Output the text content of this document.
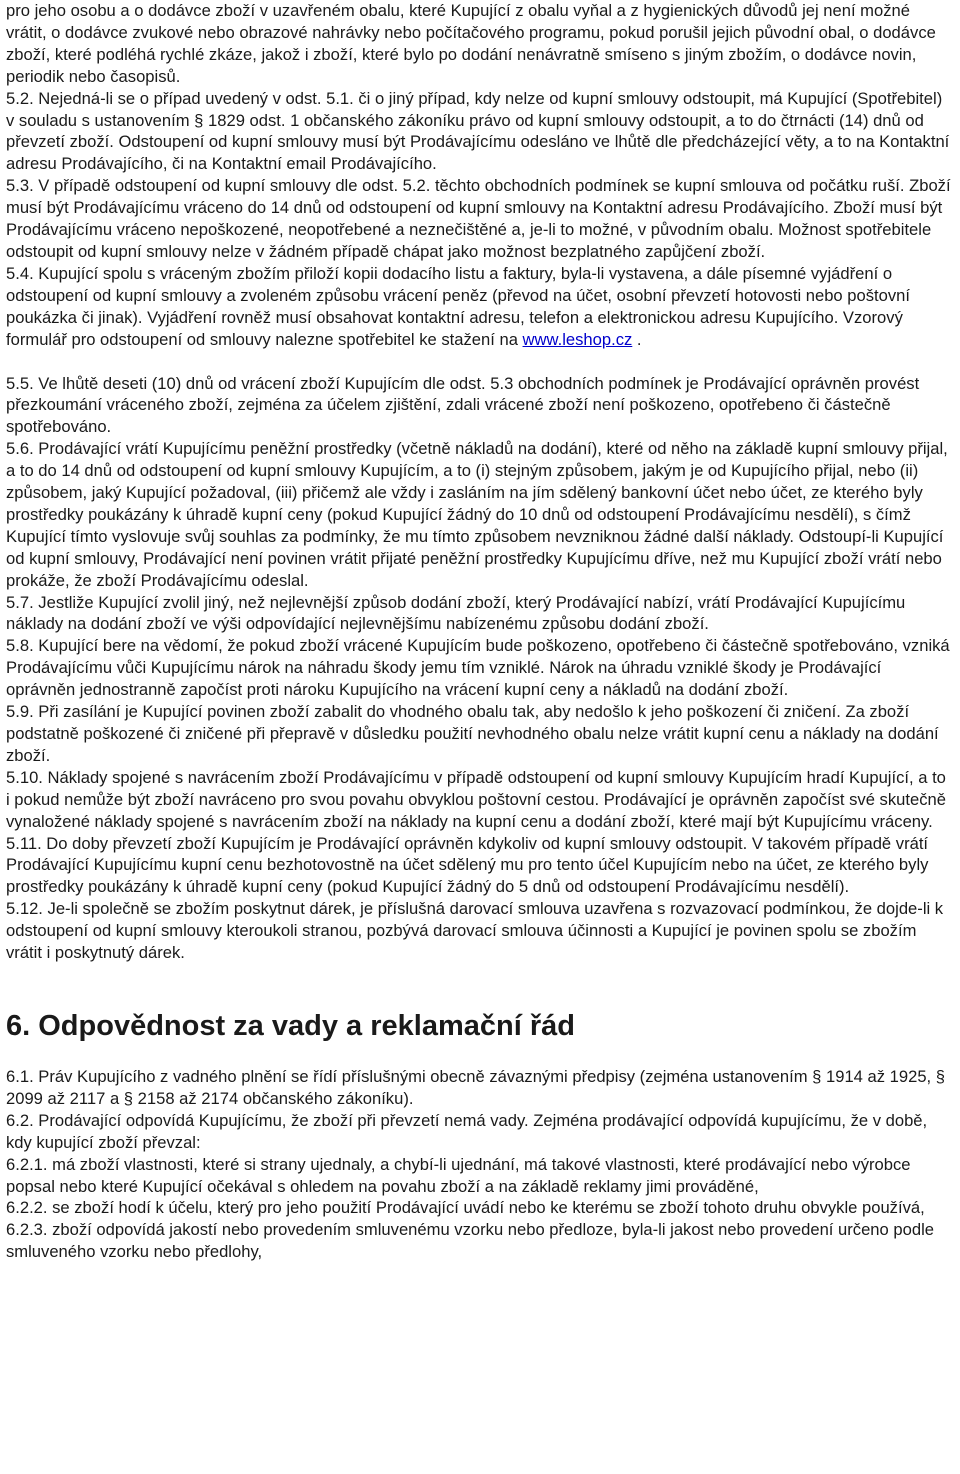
pro jeho osobu a o dodávce zboží v uzavřeném obalu, které Kupující z obalu vyňal a z hygienických důvodů jej není možné vrátit, o dodávce zvukové nebo obrazové nahrávky nebo počítačového programu, pokud porušil jejich původní obal, o dodávce zboží, které podléhá rychlé zkáze, jakož i zboží, které bylo po dodání nenávratně smíseno s jiným zbožím, o dodávce novin, periodik nebo časopisů.

5.2. Nejedná-li se o případ uvedený v odst. 5.1. či o jiný případ, kdy nelze od kupní smlouvy odstoupit, má Kupující (Spotřebitel) v souladu s ustanovením § 1829 odst. 1 občanského zákoníku právo od kupní smlouvy odstoupit, a to do čtrnácti (14) dnů od převzetí zboží. Odstoupení od kupní smlouvy musí být Prodávajícímu odesláno ve lhůtě dle předcházející věty, a to na Kontaktní adresu Prodávajícího, či na Kontaktní email Prodávajícího.

5.3. V případě odstoupení od kupní smlouvy dle odst. 5.2. těchto obchodních podmínek se kupní smlouva od počátku ruší. Zboží musí být Prodávajícímu vráceno do 14 dnů od odstoupení od kupní smlouvy na Kontaktní adresu Prodávajícího. Zboží musí být Prodávajícímu vráceno nepoškozené, neopotřebené a neznečištěné a, je-li to možné, v původním obalu. Možnost spotřebitele odstoupit od kupní smlouvy nelze v žádném případě chápat jako možnost bezplatného zapůjčení zboží.

5.4. Kupující spolu s vráceným zbožím přiloží kopii dodacího listu a faktury, byla-li vystavena, a dále písemné vyjádření o odstoupení od kupní smlouvy a zvoleném způsobu vrácení peněz (převod na účet, osobní převzetí hotovosti nebo poštovní poukázka či jinak). Vyjádření rovněž musí obsahovat kontaktní adresu, telefon a elektronickou adresu Kupujícího. Vzorový formulář pro odstoupení od smlouvy nalezne spotřebitel ke stažení na www.leshop.cz .

5.5. Ve lhůtě deseti (10) dnů od vrácení zboží Kupujícím dle odst. 5.3 obchodních podmínek je Prodávající oprávněn provést přezkoumání vráceného zboží, zejména za účelem zjištění, zdali vrácené zboží není poškozeno, opotřebeno či částečně spotřebováno.

5.6. Prodávající vrátí Kupujícímu peněžní prostředky (včetně nákladů na dodání), které od něho na základě kupní smlouvy přijal, a to do 14 dnů od odstoupení od kupní smlouvy Kupujícím, a to (i) stejným způsobem, jakým je od Kupujícího přijal, nebo (ii) způsobem, jaký Kupující požadoval, (iii) přičemž ale vždy i zasláním na jím sdělený bankovní účet nebo účet, ze kterého byly prostředky poukázány k úhradě kupní ceny (pokud Kupující žádný do 10 dnů od odstoupení Prodávajícímu nesdělí), s čímž Kupující tímto vyslovuje svůj souhlas za podmínky, že mu tímto způsobem nevzniknou žádné další náklady. Odstoupí-li Kupující od kupní smlouvy, Prodávající není povinen vrátit přijaté peněžní prostředky Kupujícímu dříve, než mu Kupující zboží vrátí nebo prokáže, že zboží Prodávajícímu odeslal.

5.7. Jestliže Kupující zvolil jiný, než nejlevnější způsob dodání zboží, který Prodávající nabízí, vrátí Prodávající Kupujícímu náklady na dodání zboží ve výši odpovídající nejlevnějšímu nabízenému způsobu dodání zboží.

5.8. Kupující bere na vědomí, že pokud zboží vrácené Kupujícím bude poškozeno, opotřebeno či částečně spotřebováno, vzniká Prodávajícímu vůči Kupujícímu nárok na náhradu škody jemu tím vzniklé. Nárok na úhradu vzniklé škody je Prodávající oprávněn jednostranně započíst proti nároku Kupujícího na vrácení kupní ceny a nákladů na dodání zboží.

5.9. Při zasílání je Kupující povinen zboží zabalit do vhodného obalu tak, aby nedošlo k jeho poškození či zničení. Za zboží podstatně poškozené či zničené při přepravě v důsledku použití nevhodného obalu nelze vrátit kupní cenu a náklady na dodání zboží.

5.10. Náklady spojené s navrácením zboží Prodávajícímu v případě odstoupení od kupní smlouvy Kupujícím hradí Kupující, a to i pokud nemůže být zboží navráceno pro svou povahu obvyklou poštovní cestou. Prodávající je oprávněn započíst své skutečně vynaložené náklady spojené s navrácením zboží na náklady na kupní cenu a dodání zboží, které mají být Kupujícímu vráceny.

5.11. Do doby převzetí zboží Kupujícím je Prodávající oprávněn kdykoliv od kupní smlouvy odstoupit. V takovém případě vrátí Prodávající Kupujícímu kupní cenu bezhotovostně na účet sdělený mu pro tento účel Kupujícím nebo na účet, ze kterého byly prostředky poukázány k úhradě kupní ceny (pokud Kupující žádný do 5 dnů od odstoupení Prodávajícímu nesdělí).

5.12. Je-li společně se zbožím poskytnut dárek, je příslušná darovací smlouva uzavřena s rozvazovací podmínkou, že dojde-li k odstoupení od kupní smlouvy kteroukoli stranou, pozbývá darovací smlouva účinnosti a Kupující je povinen spolu se zbožím vrátit i poskytnutý dárek.

6. Odpovědnost za vady a reklamační řád

6.1. Práv Kupujícího z vadného plnění se řídí příslušnými obecně závaznými předpisy (zejména ustanovením § 1914 až 1925, § 2099 až 2117 a § 2158 až 2174 občanského zákoníku).

6.2. Prodávající odpovídá Kupujícímu, že zboží při převzetí nemá vady. Zejména prodávající odpovídá kupujícímu, že v době, kdy kupující zboží převzal:

6.2.1. má zboží vlastnosti, které si strany ujednaly, a chybí-li ujednání, má takové vlastnosti, které prodávající nebo výrobce popsal nebo které Kupující očekával s ohledem na povahu zboží a na základě reklamy jimi prováděné,

6.2.2. se zboží hodí k účelu, který pro jeho použití Prodávající uvádí nebo ke kterému se zboží tohoto druhu obvykle používá,

6.2.3. zboží odpovídá jakostí nebo provedením smluvenému vzorku nebo předloze, byla-li jakost nebo provedení určeno podle smluveného vzorku nebo předlohy,
